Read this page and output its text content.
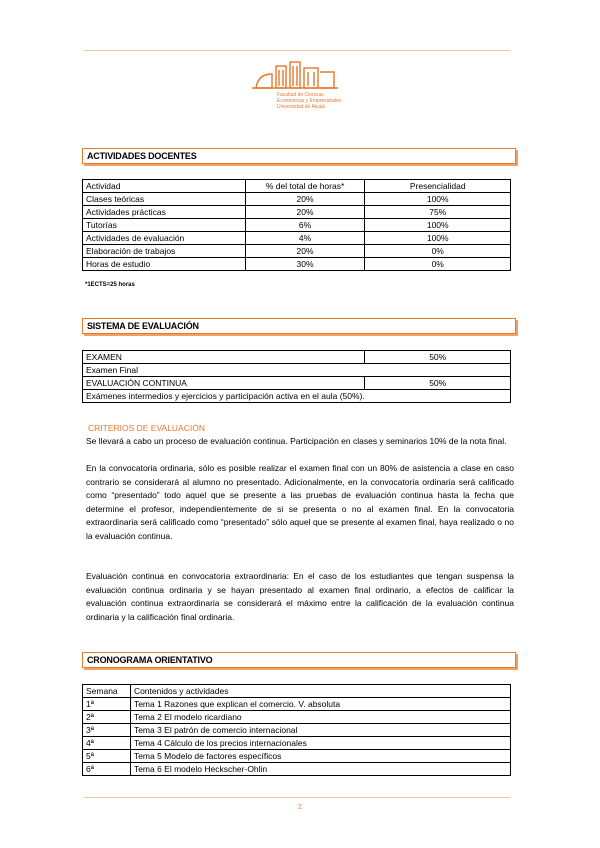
Facultad de Ciencias
Económicas y Empresariales
Universidad de Alcalá
ACTIVIDADES DOCENTES
Actividad	% del total de horas*	Presencialidad
Clases teóricas	20%	100%
Actividades prácticas	20%	75%
Tutorías	6%	100%
Actividades de evaluación	4%	100%
Elaboración de trabajos	20%	0%
Horas de estudio	30%	0%
*1ECTS=25 horas
SISTEMA DE EVALUACIÓN
EXAMEN	50%
Examen Final	
EVALUACIÓN CONTINUA	50%
Exámenes intermedios y ejercicios y participación activa en el aula (50%).	
CRITERIOS DE EVALUACIÓN
Se llevará a cabo un proceso de evaluación continua. Participación en clases y seminarios 10% de la nota final.
En la convocatoria ordinaria, sólo es posible realizar el examen final con un 80% de asistencia a clase en caso contrario se considerará al alumno no presentado. Adicionalmente, en la convocatoria ordinaria será calificado como “presentado” todo aquel que se presente a las pruebas de evaluación continua hasta la fecha que determine el profesor, independientemente de si se presenta o no al examen final. En la convocatoria extraordinaria será calificado como “presentado” sólo aquel que se presente al examen final, haya realizado o no la evaluación continua.
Evaluación continua en convocatoria extraordinaria: En el caso de los estudiantes que tengan suspensa la evaluación continua ordinaria y se hayan presentado al examen final ordinario, a efectos de calificar la evaluación continua extraordinaria se considerará el máximo entre la calificación de la evaluación continua ordinaria y la calificación final ordinaria.
CRONOGRAMA ORIENTATIVO
Semana	Contenidos y actividades
1ª	Tema 1 Razones que explican el comercio. V. absoluta
2ª	Tema 2 El modelo ricardiano
3ª	Tema 3 El patrón de comercio internacional
4ª	Tema 4 Cálculo de los precios internacionales
5ª	Tema 5 Modelo de factores específicos
6ª	Tema 6 El modelo Heckscher-Ohlin
2
